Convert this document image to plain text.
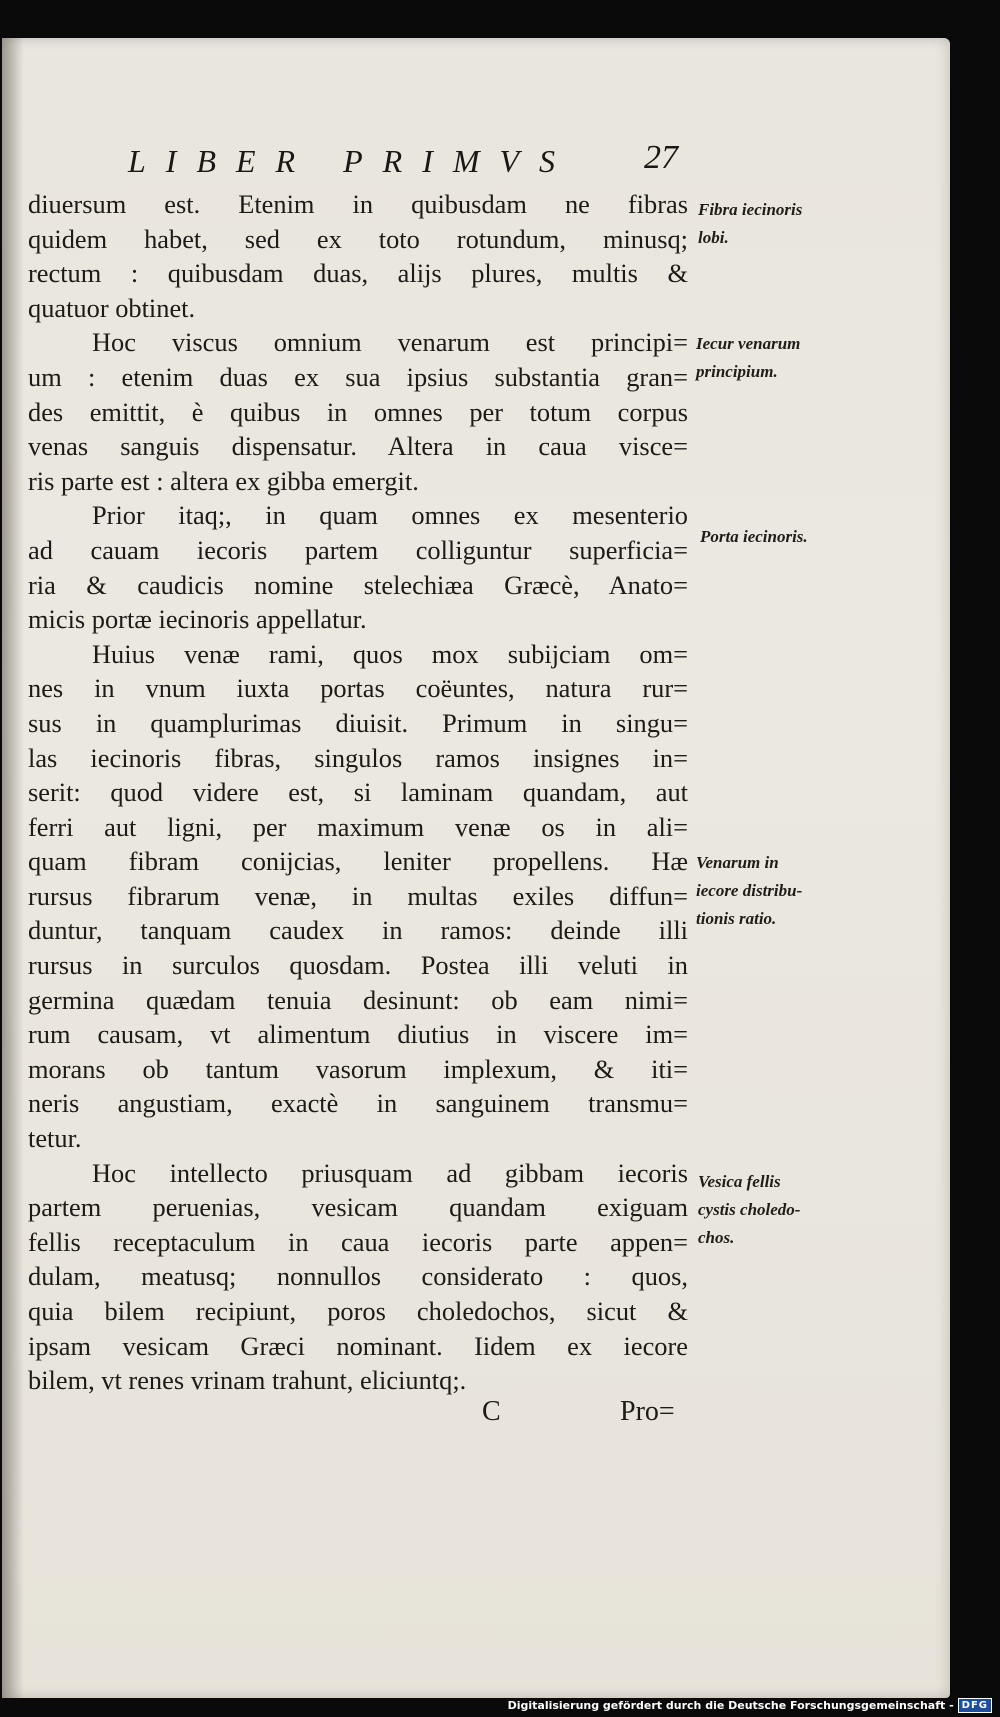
LIBER PRIMVS	27
diuersum est. Etenim in quibusdam ne fibras
quidem habet, sed ex toto rotundum, minusq;
rectum : quibusdam duas, alijs plures, multis &
quatuor obtinet.
Hoc viscus omnium venarum est principi=
um : etenim duas ex sua ipsius substantia gran=
des emittit, è quibus in omnes per totum corpus
venas sanguis dispensatur. Altera in caua visce=
ris parte est : altera ex gibba emergit.
Prior itaq;, in quam omnes ex mesenterio
ad cauam iecoris partem colliguntur superficia=
ria & caudicis nomine stelechiæa Græcè, Anato=
micis portæ iecinoris appellatur.
Huius venæ rami, quos mox subijciam om=
nes in vnum iuxta portas coëuntes, natura rur=
sus in quamplurimas diuisit. Primum in singu=
las iecinoris fibras, singulos ramos insignes in=
serit: quod videre est, si laminam quandam, aut
ferri aut ligni, per maximum venæ os in ali=
quam fibram conijcias, leniter propellens. Hæ
rursus fibrarum venæ, in multas exiles diffun=
duntur, tanquam caudex in ramos: deinde illi
rursus in surculos quosdam. Postea illi veluti in
germina quædam tenuia desinunt: ob eam nimi=
rum causam, vt alimentum diutius in viscere im=
morans ob tantum vasorum implexum, & iti=
neris angustiam, exactè in sanguinem transmu=
tetur.
Hoc intellecto priusquam ad gibbam iecoris
partem peruenias, vesicam quandam exiguam
fellis receptaculum in caua iecoris parte appen=
dulam, meatusq; nonnullos considerato : quos,
quia bilem recipiunt, poros choledochos, sicut &
ipsam vesicam Græci nominant. Iidem ex iecore
bilem, vt renes vrinam trahunt, eliciuntq;.
Fibra iecinoris
lobi.
Iecur venarum
principium.
Porta iecinoris.
Venarum in
iecore distribu-
tionis ratio.
Vesica fellis
cystis choledo-
chos.
C	Pro=
Digitalisierung gefördert durch die Deutsche Forschungsgemeinschaft - DFG
